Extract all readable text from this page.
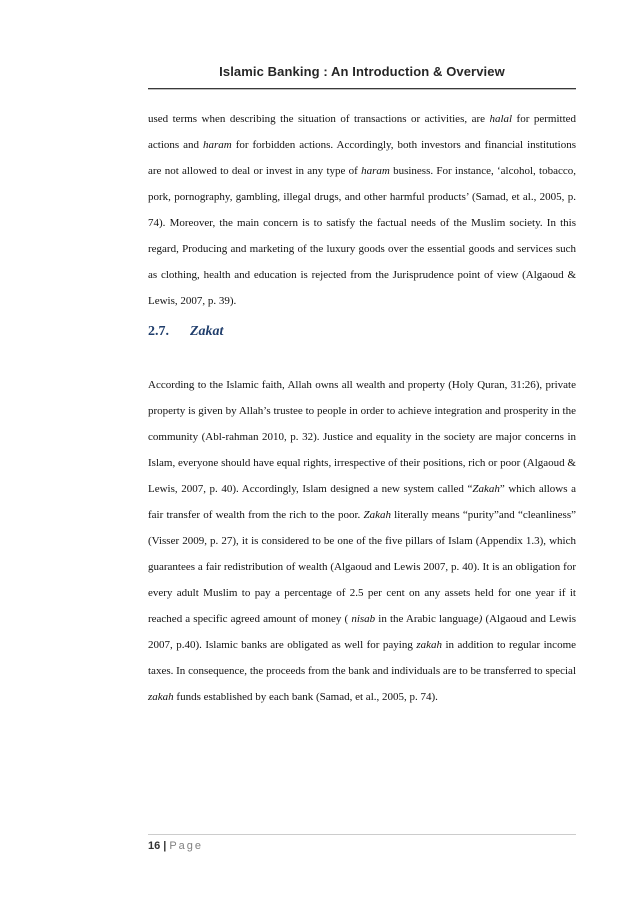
Islamic Banking : An Introduction & Overview

used terms when describing the situation of transactions or activities, are halal for permitted actions and haram for forbidden actions. Accordingly, both investors and financial institutions are not allowed to deal or invest in any type of haram business. For instance, ‘alcohol, tobacco, pork, pornography, gambling, illegal drugs, and other harmful products’ (Samad, et al., 2005, p. 74). Moreover, the main concern is to satisfy the factual needs of the Muslim society. In this regard, Producing and marketing of the luxury goods over the essential goods and services such as clothing, health and education is rejected from the Jurisprudence point of view (Algaoud & Lewis, 2007, p. 39).

2.7. Zakat

According to the Islamic faith, Allah owns all wealth and property (Holy Quran, 31:26), private property is given by Allah’s trustee to people in order to achieve integration and prosperity in the community (Abl-rahman 2010, p. 32). Justice and equality in the society are major concerns in Islam, everyone should have equal rights, irrespective of their positions, rich or poor (Algaoud & Lewis, 2007, p. 40). Accordingly, Islam designed a new system called “Zakah” which allows a fair transfer of wealth from the rich to the poor. Zakah literally means “purity”and “cleanliness” (Visser 2009, p. 27), it is considered to be one of the five pillars of Islam (Appendix 1.3), which guarantees a fair redistribution of wealth (Algaoud and Lewis 2007, p. 40). It is an obligation for every adult Muslim to pay a percentage of 2.5 per cent on any assets held for one year if it reached a specific agreed amount of money ( nisab in the Arabic language) (Algaoud and Lewis 2007, p.40). Islamic banks are obligated as well for paying zakah in addition to regular income taxes. In consequence, the proceeds from the bank and individuals are to be transferred to special zakah funds established by each bank (Samad, et al., 2005, p. 74).

16 | Page
